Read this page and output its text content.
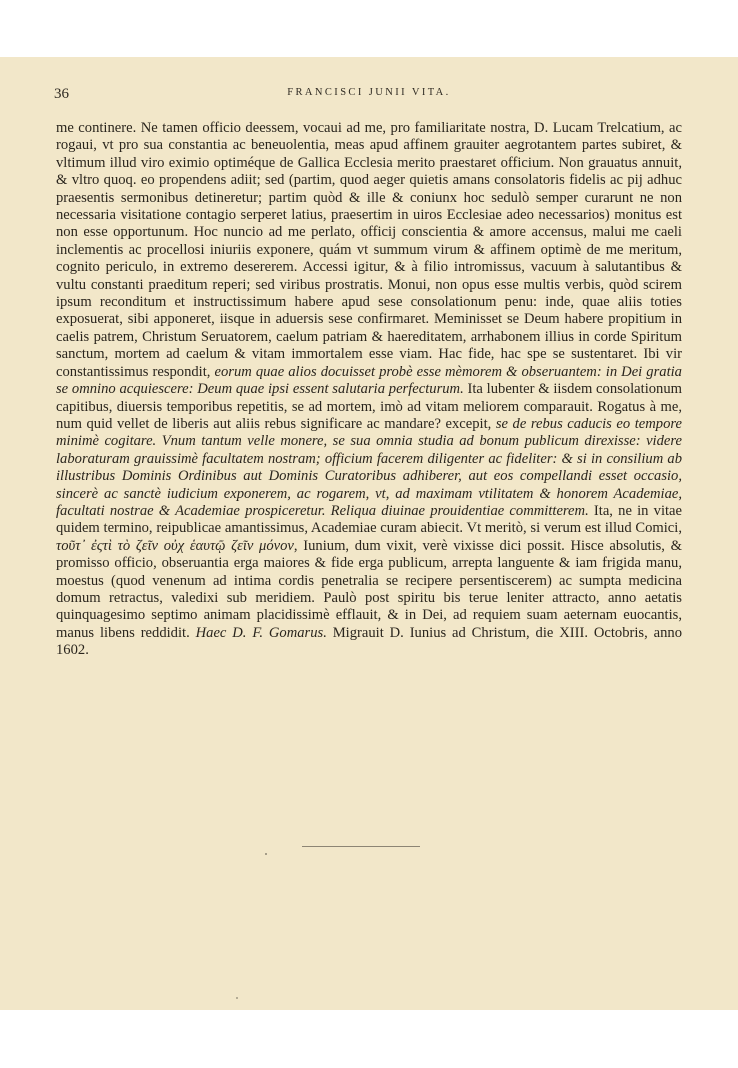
36	FRANCISCI JUNII VITA.

me continere. Ne tamen officio deessem, vocaui ad me, pro familiaritate nostra, D. Lucam Trelcatium, ac rogaui, vt pro sua constantia ac beneuolentia, meas apud affinem grauiter aegrotantem partes subiret, & vltimum illud viro eximio optiméque de Gallica Ecclesia merito praestaret officium. Non grauatus annuit, & vltro quoq. eo propendens adiit; sed (partim, quod aeger quietis amans consolatoris fidelis ac pij adhuc praesentis sermonibus detineretur; partim quòd & ille & coniunx hoc sedulò semper curarunt ne non necessaria visitatione contagio serperet latius, praesertim in uiros Ecclesiae adeo necessarios) monitus est non esse opportunum. Hoc nuncio ad me perlato, officij conscientia & amore accensus, malui me caeli inclementis ac procellosi iniuriis exponere, quám vt summum virum & affinem optimè de me meritum, cognito periculo, in extremo desererem. Accessi igitur, & à filio intromissus, vacuum à salutantibus & vultu constanti praeditum reperi; sed viribus prostratis. Monui, non opus esse multis verbis, quòd scirem ipsum reconditum et instructissimum habere apud sese consolationum penu: inde, quae aliis toties exposuerat, sibi apponeret, iisque in aduersis sese confirmaret. Meminisset se Deum habere propitium in caelis patrem, Christum Seruatorem, caelum patriam & haereditatem, arrhabonem illius in corde Spiritum sanctum, mortem ad caelum & vitam immortalem esse viam. Hac fide, hac spe se sustentaret. Ibi vir constantissimus respondit, eorum quae alios docuisset probè esse mèmorem & obseruantem: in Dei gratia se omnino acquiescere: Deum quae ipsi essent salutaria perfecturum. Ita lubenter & iisdem consolationum capitibus, diuersis temporibus repetitis, se ad mortem, imò ad vitam meliorem comparauit. Rogatus à me, num quid vellet de liberis aut aliis rebus significare ac mandare? excepit, se de rebus caducis eo tempore minimè cogitare. Vnum tantum velle monere, se sua omnia studia ad bonum publicum direxisse: videre laboraturam grauissimè facultatem nostram; officium facerem diligenter ac fideliter: & si in consilium ab illustribus Dominis Ordinibus aut Dominis Curatoribus adhiberer, aut eos compellandi esset occasio, sincerè ac sanctè iudicium exponerem, ac rogarem, vt, ad maximam vtilitatem & honorem Academiae, facultati nostrae & Academiae prospiceretur. Reliqua diuinae prouidentiae committerem. Ita, ne in vitae quidem termino, reipublicae amantissimus, Academiae curam abiecit. Vt meritò, si verum est illud Comici, τοῦτ᾽ ἐςτὶ τὸ ζεῖν οὐχ ἑαυτῷ ζεῖν μόνον, Iunium, dum vixit, verè vixisse dici possit. Hisce absolutis, & promisso officio, obseruantia erga maiores & fide erga publicum, arrepta languente & iam frigida manu, moestus (quod venenum ad intima cordis penetralia se recipere persentiscerem) ac sumpta medicina domum retractus, valedixi sub meridiem. Paulò post spiritu bis terue leniter attracto, anno aetatis quinquagesimo septimo animam placidissimè efflauit, & in Dei, ad requiem suam aeternam euocantis, manus libens reddidit. Haec D. F. Gomarus. Migrauit D. Iunius ad Christum, die XIII. Octobris, anno 1602.
